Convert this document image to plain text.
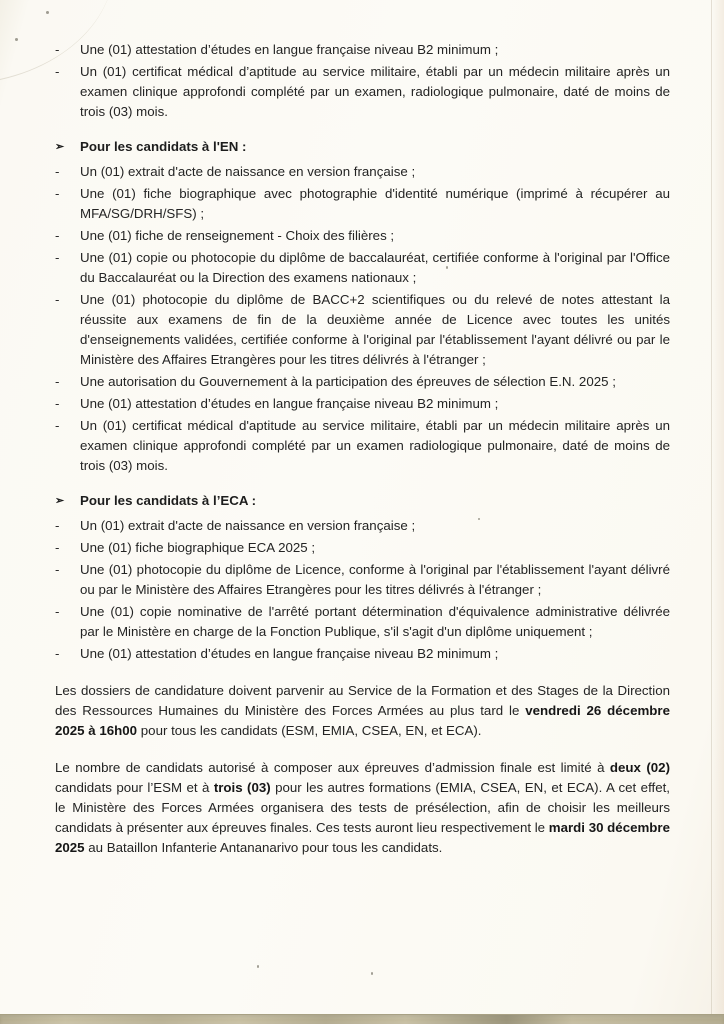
-	Une (01) attestation d’études en langue française niveau B2 minimum ;
-	Un (01) certificat médical d’aptitude au service militaire, établi par un médecin militaire après un examen clinique approfondi complété par un examen, radiologique pulmonaire, daté de moins de trois (03) mois.
➢	Pour les candidats à l'EN :
-	Un (01) extrait d'acte de naissance en version française ;
-	Une (01) fiche biographique avec photographie d'identité numérique (imprimé à récupérer au MFA/SG/DRH/SFS) ;
-	Une (01) fiche de renseignement - Choix des filières ;
-	Une (01) copie ou photocopie du diplôme de baccalauréat, certifiée conforme à l'original par l'Office du Baccalauréat ou la Direction des examens nationaux ;
-	Une (01) photocopie du diplôme de BACC+2 scientifiques ou du relevé de notes attestant la réussite aux examens de fin de la deuxième année de Licence avec toutes les unités d'enseignements validées, certifiée conforme à l'original par l'établissement l'ayant délivré ou par le Ministère des Affaires Etrangères pour les titres délivrés à l'étranger ;
-	Une autorisation du Gouvernement à la participation des épreuves de sélection E.N. 2025 ;
-	Une (01) attestation d’études en langue française niveau B2 minimum ;
-	Un (01) certificat médical d'aptitude au service militaire, établi par un médecin militaire après un examen clinique approfondi complété par un examen radiologique pulmonaire, daté de moins de trois (03) mois.
➢	Pour les candidats à l’ECA :
-	Un (01) extrait d'acte de naissance en version française ;
-	Une (01) fiche biographique ECA 2025 ;
-	Une (01) photocopie du diplôme de Licence, conforme à l'original par l'établissement l'ayant délivré ou par le Ministère des Affaires Etrangères pour les titres délivrés à l'étranger ;
-	Une (01) copie nominative de l'arrêté portant détermination d'équivalence administrative délivrée par le Ministère en charge de la Fonction Publique, s'il s'agit d'un diplôme uniquement ;
-	Une (01) attestation d’études en langue française niveau B2 minimum ;
Les dossiers de candidature doivent parvenir au Service de la Formation et des Stages de la Direction des Ressources Humaines du Ministère des Forces Armées au plus tard le vendredi 26 décembre 2025 à 16h00 pour tous les candidats (ESM, EMIA, CSEA, EN, et ECA).
Le nombre de candidats autorisé à composer aux épreuves d’admission finale est limité à deux (02) candidats pour l’ESM et à trois (03) pour les autres formations (EMIA, CSEA, EN, et ECA). A cet effet, le Ministère des Forces Armées organisera des tests de présélection, afin de choisir les meilleurs candidats à présenter aux épreuves finales. Ces tests auront lieu respectivement le mardi 30 décembre 2025 au Bataillon Infanterie Antananarivo pour tous les candidats.
